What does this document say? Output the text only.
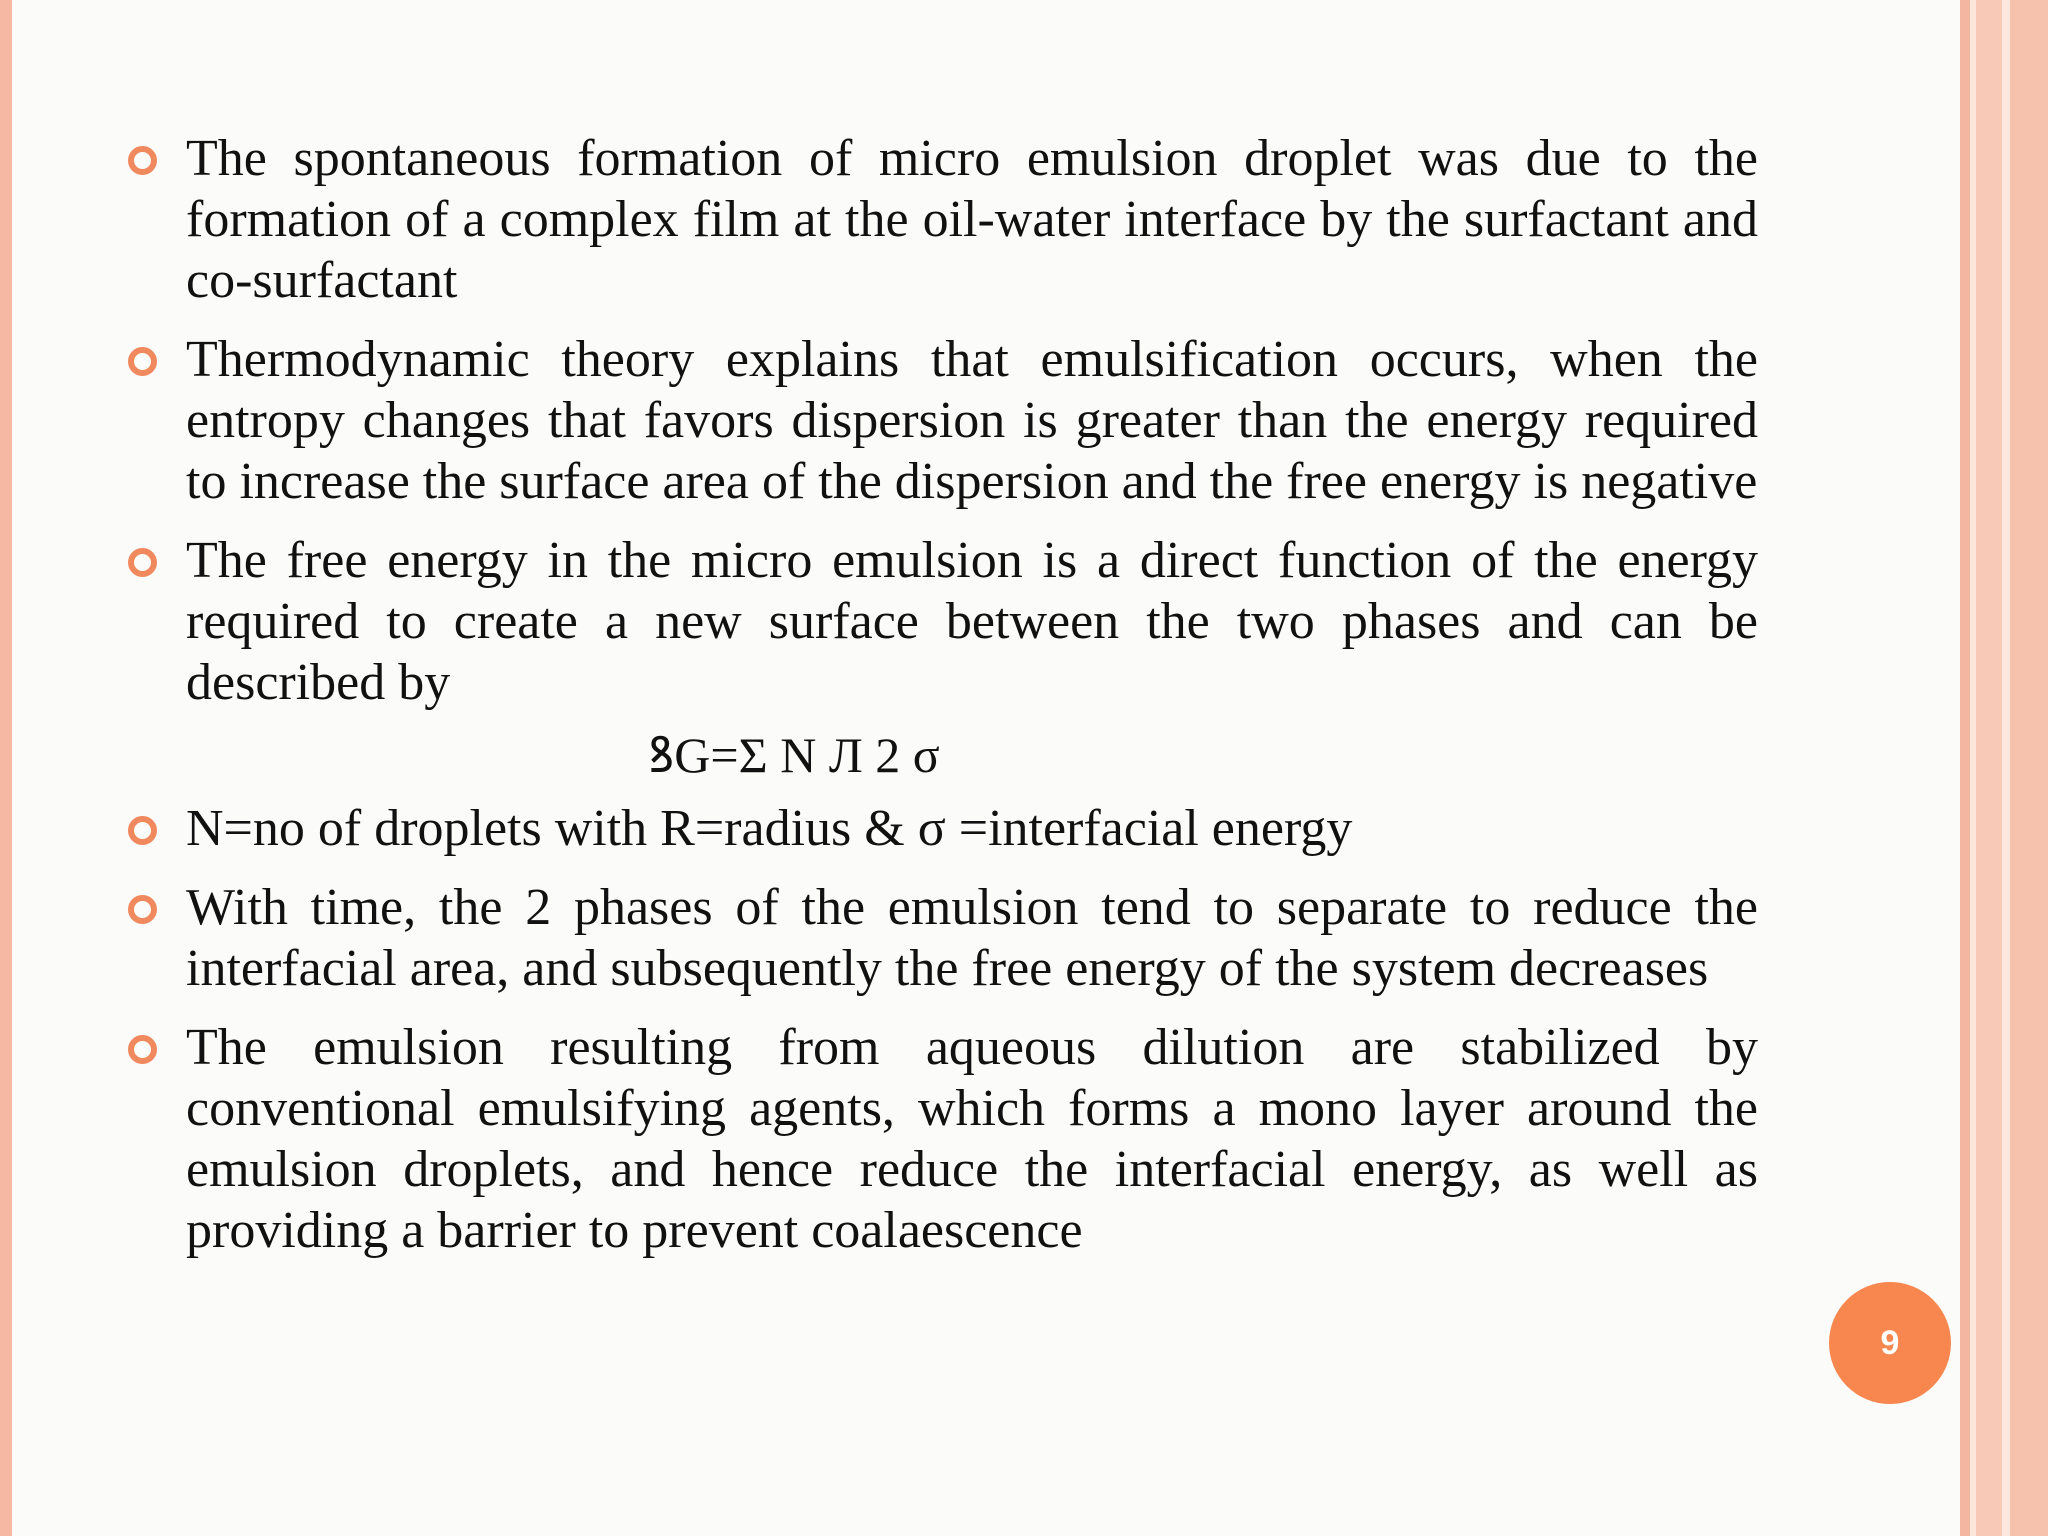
The spontaneous formation of micro emulsion droplet was due to the formation of a complex film at the oil-water interface by the surfactant and co-surfactant
Thermodynamic theory explains that emulsification occurs, when the entropy changes that favors dispersion is greater than the energy required to increase the surface area of the dispersion and the free energy is negative
The free energy in the micro emulsion is a direct function of the energy required to create a new surface between the two phases and can be described by
ꝸG=Σ N Л 2 σ
N=no of droplets with R=radius & σ =interfacial energy
With time, the 2 phases of the emulsion tend to separate to reduce the interfacial area, and subsequently the free energy of the system decreases
The emulsion resulting from aqueous dilution are stabilized by conventional emulsifying agents, which forms a mono layer around the emulsion droplets, and hence reduce the interfacial energy, as well as providing a barrier to prevent coalaescence
9
